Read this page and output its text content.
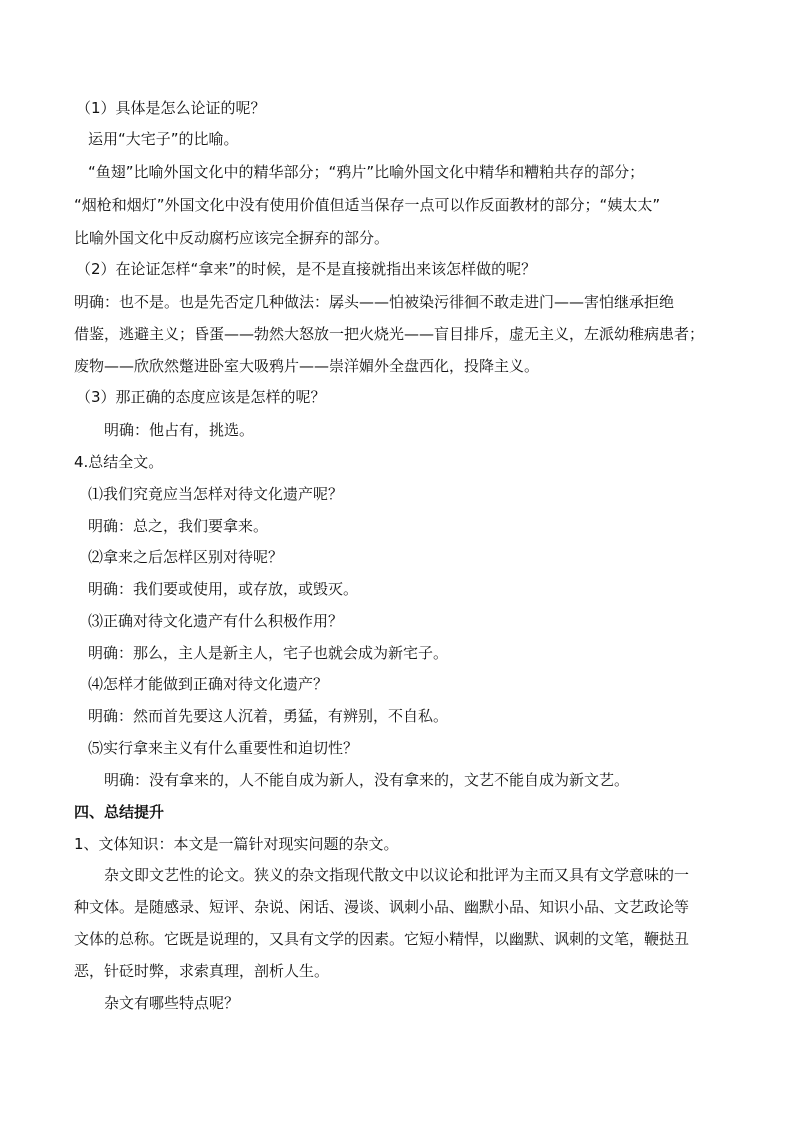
（1）具体是怎么论证的呢？
运用“大宅子”的比喻。
“鱼翅”比喻外国文化中的精华部分；“鸦片”比喻外国文化中精华和糟粕共存的部分；
“烟枪和烟灯”外国文化中没有使用价值但适当保存一点可以作反面教材的部分；“姨太太”
比喻外国文化中反动腐朽应该完全摒弃的部分。
（2）在论证怎样“拿来”的时候，是不是直接就指出来该怎样做的呢？
明确：也不是。也是先否定几种做法：孱头——怕被染污徘徊不敢走进门——害怕继承拒绝
借鉴，逃避主义；昏蛋——勃然大怒放一把火烧光——盲目排斥，虚无主义，左派幼稚病患者；
废物——欣欣然蹩进卧室大吸鸦片——崇洋媚外全盘西化，投降主义。
（3）那正确的态度应该是怎样的呢？
明确：他占有，挑选。
4.总结全文。
⑴我们究竟应当怎样对待文化遗产呢？
明确：总之，我们要拿来。
⑵拿来之后怎样区别对待呢？
明确：我们要或使用，或存放，或毁灭。
⑶正确对待文化遗产有什么积极作用？
明确：那么，主人是新主人，宅子也就会成为新宅子。
⑷怎样才能做到正确对待文化遗产？
明确：然而首先要这人沉着，勇猛，有辨别，不自私。
⑸实行拿来主义有什么重要性和迫切性？
明确：没有拿来的，人不能自成为新人，没有拿来的，文艺不能自成为新文艺。
四、总结提升
1、文体知识：本文是一篇针对现实问题的杂文。
杂文即文艺性的论文。狭义的杂文指现代散文中以议论和批评为主而又具有文学意味的一
种文体。是随感录、短评、杂说、闲话、漫谈、讽刺小品、幽默小品、知识小品、文艺政论等
文体的总称。它既是说理的，又具有文学的因素。它短小精悍，以幽默、讽刺的文笔，鞭挞丑
恶，针砭时弊，求索真理，剖析人生。
杂文有哪些特点呢？
